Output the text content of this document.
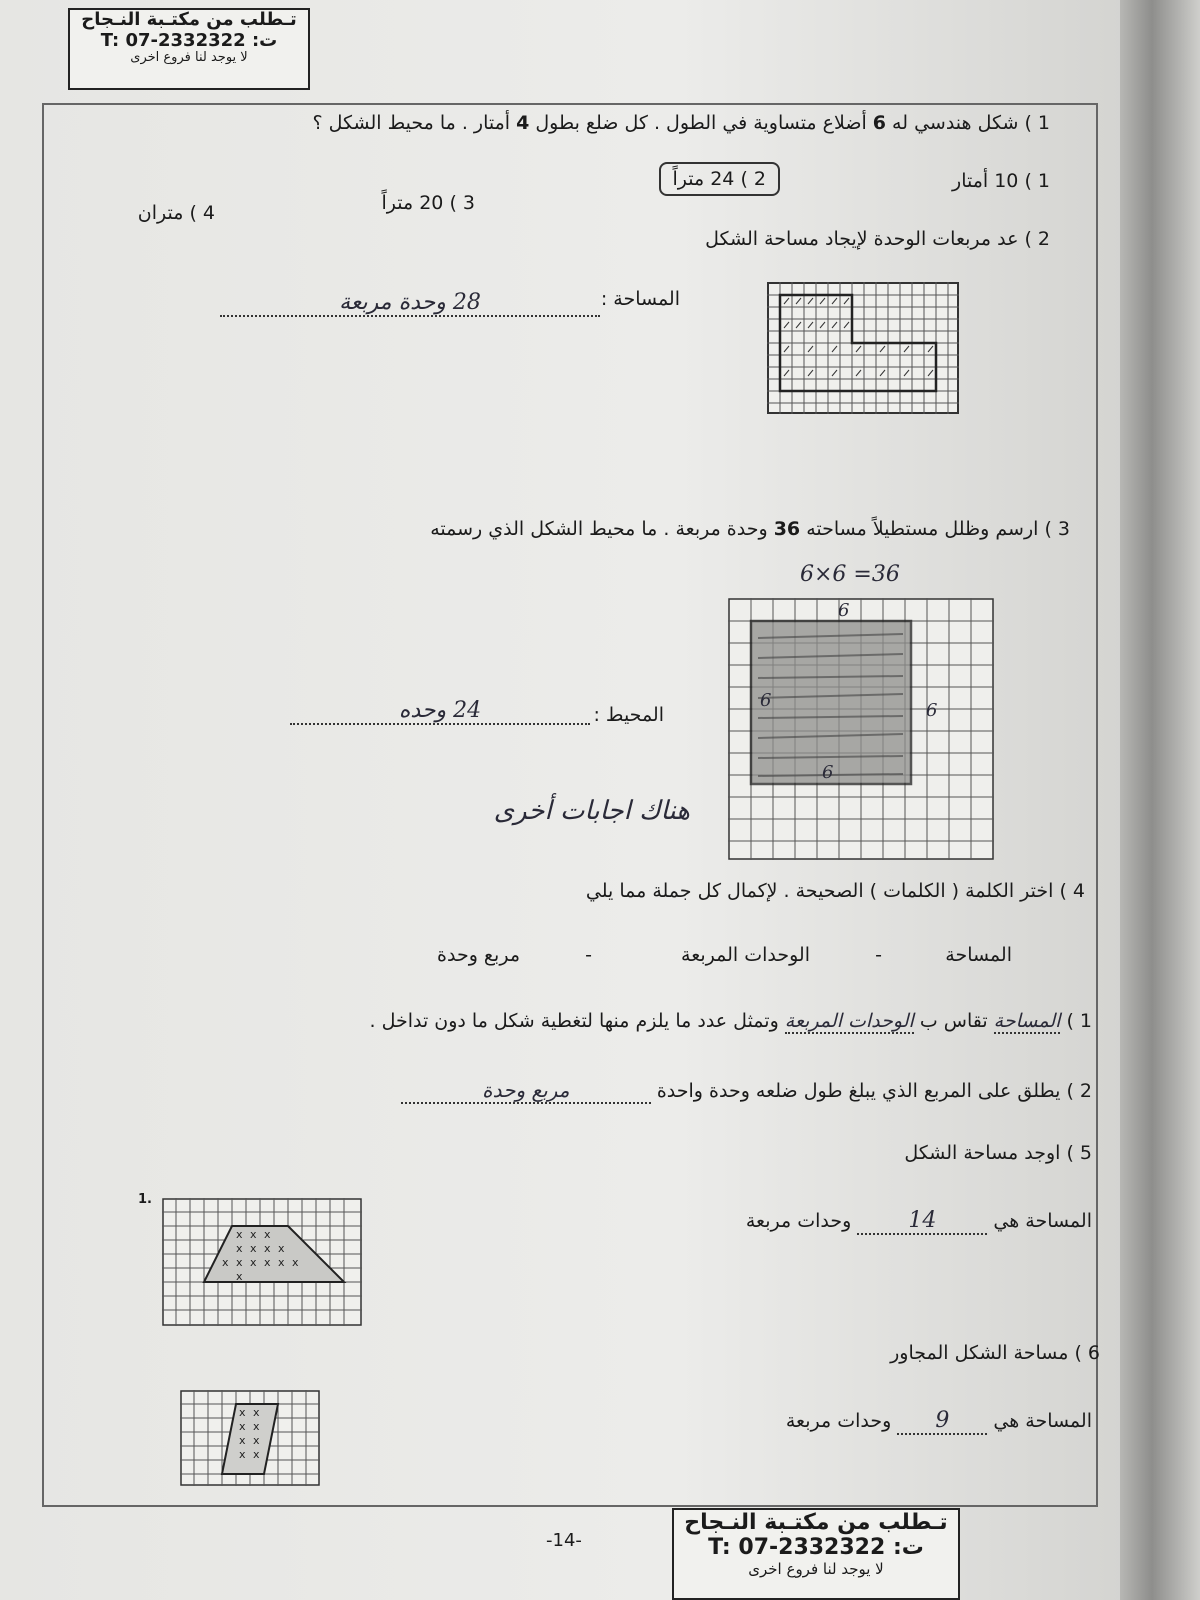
تـطلب من مكتـبة النـجاح
T: 07-2332322 :ت
لا يوجد لنا فروع اخرى
1 ) شكل هندسي له 6 أضلاع متساوية في الطول . كل ضلع بطول 4 أمتار . ما محيط الشكل ؟
1 ) 10 أمتار
2 ) 24 متراً
3 ) 20 متراً
4 ) متران
2 ) عد مربعات الوحدة لإيجاد مساحة الشكل
المساحة :
28 وحدة مربعة
3 ) ارسم وظلل مستطيلاً مساحته 36 وحدة مربعة . ما محيط الشكل الذي رسمته
6×6 =36
6
6	6
6
المحيط :
24 وحده
هناك اجابات أخرى
4 ) اختر الكلمة ( الكلمات ) الصحيحة . لإكمال كل جملة مما يلي
المساحة
-
الوحدات المربعة
-
مربع وحدة
1 ) المساحة تقاس ب الوحدات المربعة وتمثل عدد ما يلزم منها لتغطية شكل ما دون تداخل .
2 ) يطلق على المربع الذي يبلغ طول ضلعه وحدة واحدة مربع وحدة
5 ) اوجد مساحة الشكل
1.
x x x
x x x x
x x x x x x
x
المساحة هي 14 وحدات مربعة
6 ) مساحة الشكل المجاور
x x
x x
x x
x x
المساحة هي 9 وحدات مربعة
-14-
تـطلب من مكتـبة النـجاح
T: 07-2332322 :ت
لا يوجد لنا فروع اخرى
